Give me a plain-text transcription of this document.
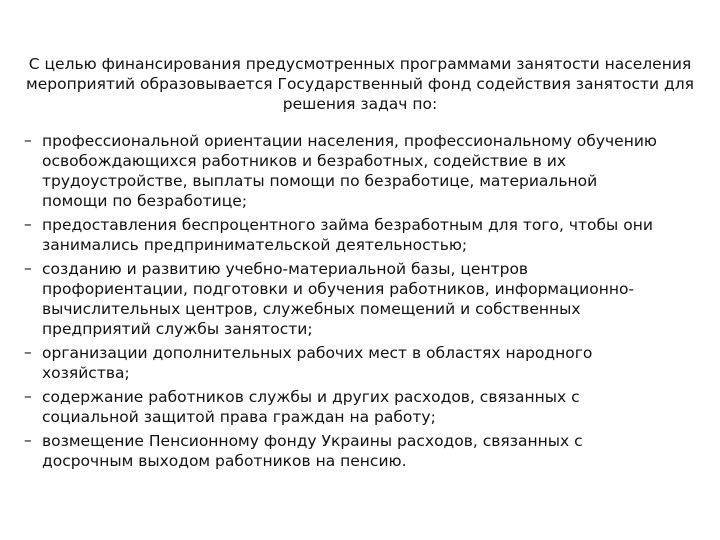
С целью финансирования предусмотренных программами занятости населения мероприятий образовывается Государственный фонд содействия занятости для решения задач по:

– профессиональной ориентации населения, профессиональному обучению освобождающихся работников и безработных, содействие в их трудоустройстве, выплаты помощи по безработице, материальной помощи по безработице;
– предоставления беспроцентного займа безработным для того, чтобы они занимались предпринимательской деятельностью;
– созданию и развитию учебно-материальной базы, центров профориентации, подготовки и обучения работников, информационно-вычислительных центров, служебных помещений и собственных предприятий службы занятости;
– организации дополнительных рабочих мест в областях народного хозяйства;
– содержание работников службы и других расходов, связанных с социальной защитой права граждан на работу;
– возмещение Пенсионному фонду Украины расходов, связанных с досрочным выходом работников на пенсию.
